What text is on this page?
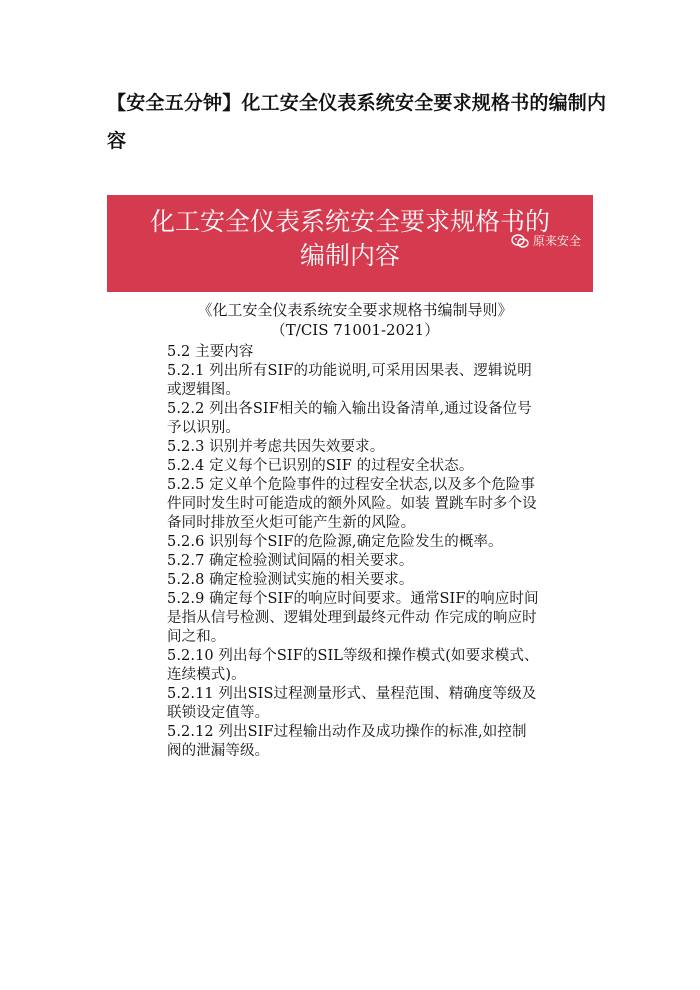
【安全五分钟】化工安全仪表系统安全要求规格书的编制内容
化工安全仪表系统安全要求规格书的
编制内容	原来安全

《化工安全仪表系统安全要求规格书编制导则》

（T/CIS 71001-2021）

5.2 主要内容
5.2.1 列出所有SIF的功能说明,可采用因果表、逻辑说明或逻辑图。
5.2.2 列出各SIF相关的输入输出设备清单,通过设备位号予以识别。
5.2.3 识别并考虑共因失效要求。
5.2.4 定义每个已识别的SIF 的过程安全状态。
5.2.5 定义单个危险事件的过程安全状态,以及多个危险事件同时发生时可能造成的额外风险。如装 置跳车时多个设备同时排放至火炬可能产生新的风险。
5.2.6 识别每个SIF的危险源,确定危险发生的概率。
5.2.7 确定检验测试间隔的相关要求。
5.2.8 确定检验测试实施的相关要求。
5.2.9 确定每个SIF的响应时间要求。通常SIF的响应时间是指从信号检测、逻辑处理到最终元件动 作完成的响应时间之和。
5.2.10 列出每个SIF的SIL等级和操作模式(如要求模式、连续模式)。
5.2.11 列出SIS过程测量形式、量程范围、精确度等级及联锁设定值等。
5.2.12 列出SIF过程输出动作及成功操作的标准,如控制阀的泄漏等级。
